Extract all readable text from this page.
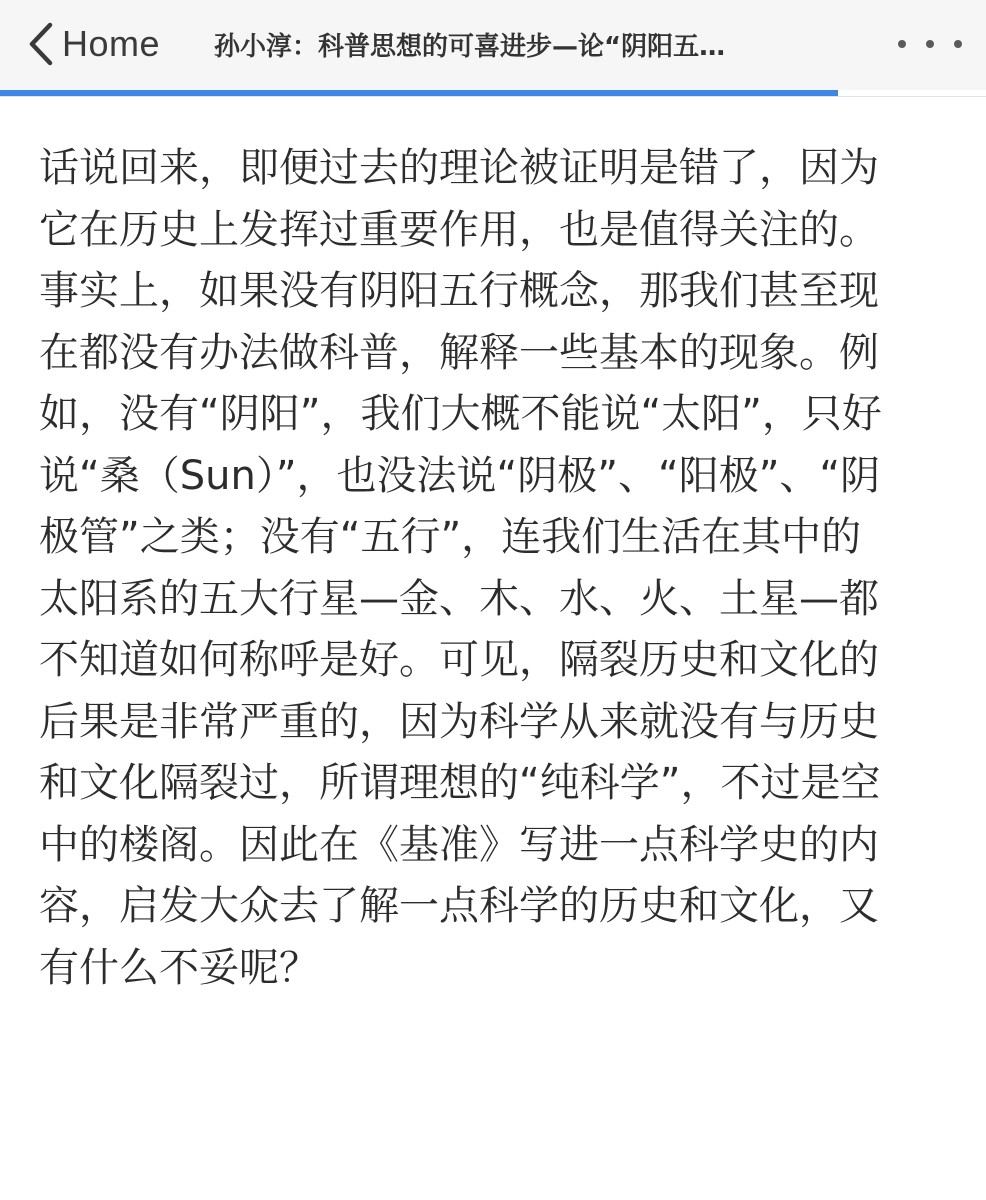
Home 孙小淳：科普思想的可喜进步—论“阴阳五…
话说回来，即便过去的理论被证明是错了，因为
它在历史上发挥过重要作用，也是值得关注的。
事实上，如果没有阴阳五行概念，那我们甚至现
在都没有办法做科普，解释一些基本的现象。例
如，没有“阴阳”，我们大概不能说“太阳”，只好
说“桑（Sun）”，也没法说“阴极”、“阳极”、“阴
极管”之类；没有“五行”，连我们生活在其中的
太阳系的五大行星—金、木、水、火、土星—都
不知道如何称呼是好。可见，隔裂历史和文化的
后果是非常严重的，因为科学从来就没有与历史
和文化隔裂过，所谓理想的“纯科学”，不过是空
中的楼阁。因此在《基准》写进一点科学史的内
容，启发大众去了解一点科学的历史和文化，又
有什么不妥呢？
